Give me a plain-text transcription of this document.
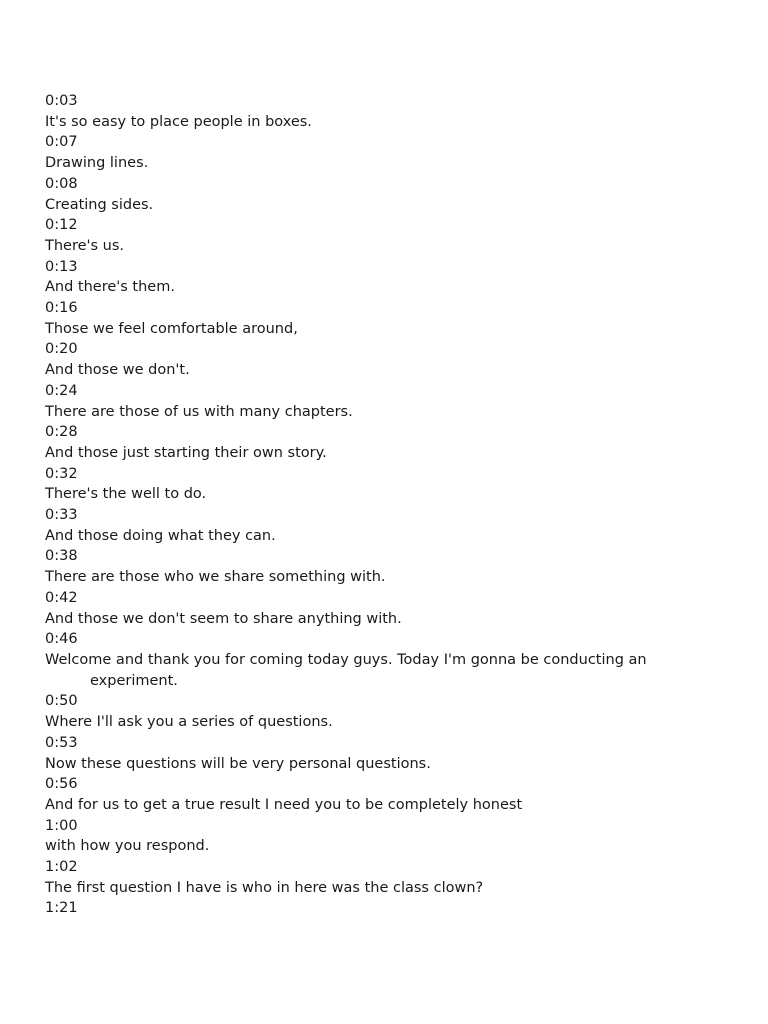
0:03
It's so easy to place people in boxes.
0:07
Drawing lines.
0:08
Creating sides.
0:12
There's us.
0:13
And there's them.
0:16
Those we feel comfortable around,
0:20
And those we don't.
0:24
There are those of us with many chapters.
0:28
And those just starting their own story.
0:32
There's the well to do.
0:33
And those doing what they can.
0:38
There are those who we share something with.
0:42
And those we don't seem to share anything with.
0:46
Welcome and thank you for coming today guys. Today I'm gonna be conducting an experiment.
0:50
Where I'll ask you a series of questions.
0:53
Now these questions will be very personal questions.
0:56
And for us to get a true result I need you to be completely honest
1:00
with how you respond.
1:02
The first question I have is who in here was the class clown?
1:21
